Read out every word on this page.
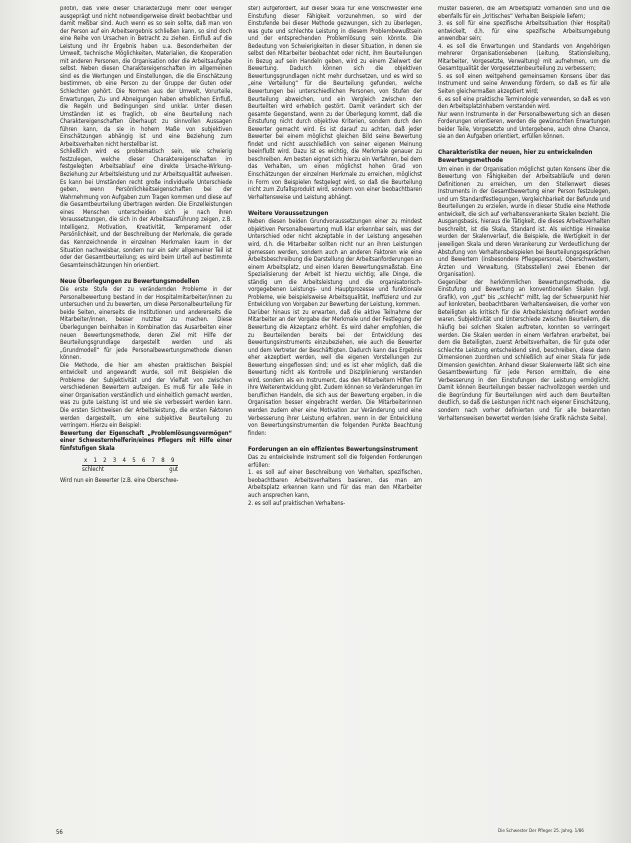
pilotin, daß viele dieser Charakterzüge mehr oder weniger ausgeprägt und nicht notwendigerweise direkt beobachtbar und damit meßbar sind. Auch wenn es so sein sollte, daß man von der Person auf ein Arbeitsergebnis schließen kann, so sind doch eine Reihe von Ursachen in Betracht zu ziehen. Einfluß auf die Leistung und ihr Ergebnis haben u.a. Besonderheiten der Umwelt, technische Möglichkeiten, Materialien, die Kooperation mit anderen Personen, die Organisation oder die Arbeitsaufgabe selbst. Neben diesen Charaktereigenschaften im allgemeinen sind es die Wertungen und Einstellungen, die die Einschätzung bestimmen, ob eine Person zu der Gruppe der Guten oder Schlechten gehört. Die Normen aus der Umwelt, Vorurteile, Erwartungen, Zu- und Abneigungen haben erheblichen Einfluß, die Regeln und Bedingungen sind unklar. Unter diesen Umständen ist es fraglich, ob eine Beurteilung nach Charaktereigenschaften überhaupt zu sinnvollen Aussagen führen kann, da sie in hohem Maße von subjektiven Einschätzungen abhängig ist und eine Beziehung zum Arbeitsverhalten nicht herstellbar ist.

Schließlich wird es problematisch sein, wie schwierig festzulegen, welche dieser Charaktereigenschaften im festgelegten Arbeitsablauf eine direkte Ursache-Wirkung-Beziehung zur Arbeitsleistung und zur Arbeitsqualität aufweisen. Es kann bei Umständen recht große individuelle Unterschiede geben, wenn Persönlichkeitseigenschaften bei der Wahrnehmung von Aufgaben zum Tragen kommen und diese auf die Gesamtbeurteilung übertragen werden. Die Einzelleistungen eines Menschen unterscheiden sich je nach ihren Voraussetzungen, die sich in der Arbeitsausführung zeigen, z.B. Intelligenz, Motivation, Kreativität, Temperament oder Persönlichkeit, und der Beschreibung der Merkmale, die gerade das Kennzeichnende in einzelnen Merkmalen kaum in der Situation nachweisbar, sondern nur ein sehr allgemeiner Teil ist oder der Gesamtbeurteilung; es wird beim Urteil auf bestimmte Gesamteinschätzungen hin orientiert.

Neue Überlegungen zu Bewertungsmodellen

Die erste Stufe der zu verändernden Probleme in der Personalbewertung bestand in der Hospitalmitarbeiter/innen zu untersuchen und zu bewerten, um diese Personalbeurteilung für beide Seiten, einerseits die Institutionen und andererseits die Mitarbeiter/innen, besser nutzbar zu machen. Diese Überlegungen beinhalten in Kombination das Ausarbeiten einer neuen Bewertungsmethode, deren Ziel mit Hilfe der Beurteilungsgrundlage dargestellt werden und als „Grundmodell“ für jede Personalbewertungsmethode dienen können.

Die Methode, die hier am ehesten praktischen Beispiel entwickelt und angewandt wurde, soll mit Beispielen die Probleme der Subjektivität und der Vielfalt von zwischen verschiedenen Bewertern aufzeigen. Es muß für alle Teile in einer Organisation verständlich und einheitlich gemacht werden, was zu gute Leistung ist und wie sie verbessert werden kann. Die ersten Sichtweisen der Arbeitsleistung, die ersten Faktoren werden dargestellt, um eine subjektive Beurteilung zu verringern. Hierzu ein Beispiel:

Bewertung der Eigenschaft „Problemlösungsvermögen“ einer Schwesternhelferin/eines Pflegers mit Hilfe einer fünfstufigen Skala

x 1 2 3 4 5 6 7 8 9
schlecht	gut

Wird nun ein Bewerter (z.B. eine Oberschwe-

ster) aufgefordert, auf dieser Skala für eine Vollschwester eine Einstufung dieser Fähigkeit vorzunehmen, so wird der Einstufende bei dieser Methode gezwungen, sich zu überlegen, was gute und schlechte Leistung in diesem Problembewußtsein und der entsprechenden Problemlösung sein könnte. Die Bedeutung von Schwierigkeiten in dieser Situation, in denen sie selbst den Mitarbeiter beobachtet oder nicht, ihm Beurteilungen in Bezug auf sein Handeln geben, wird zu einem Zielwert der Bewertung. Dadurch können sich die objektiven Bewertungsgrundlagen nicht mehr durchsetzen, und es wird so „eine Verteilung“ für die Beurteilung gefunden, welche Bewertungen bei unterschiedlichen Personen, von Stufen der Beurteilung abweichen, und ein Vergleich zwischen den Beurteilten wird erheblich gestört. Damit verändert sich der gesamte Gegenstand, wenn zu der Überlegung kommt, daß die Einstufung nicht durch objektive Kriterien, sondern durch den Bewerter gemacht wird. Es ist darauf zu achten, daß jeder Bewerter bei einem möglichst gleichen Bild seine Bewertung findet und nicht ausschließlich von seiner eigenen Meinung beeinflußt wird. Dazu ist es wichtig, die Merkmale genauer zu beschreiben. Am besten eignet sich hierzu ein Verfahren, bei dem das Verhalten, um einen möglichst hohen Grad von Einschätzungen der einzelnen Merkmale zu erreichen, möglichst in Form von Beispielen festgelegt wird, so daß die Beurteilung nicht zum Zufallsprodukt wird, sondern von einer beobachtbaren Verhaltensweise und Leistung abhängt.

Weitere Voraussetzungen

Neben diesen beiden Grundvoraussetzungen einer zu mindest objektiven Personalbewertung muß klar erkennbar sein, was der Unterschied oder nicht akzeptable in der Leistung angesehen wird, d.h. die Mitarbeiter sollten nicht nur an ihren Leistungen gemessen werden, sondern auch an anderen Faktoren wie eine Arbeitsbeschreibung die Darstellung der Arbeitsanforderungen an einem Arbeitsplatz, und einen klaren Bewertungsmaßstab. Eine Spezialisierung der Arbeit ist hierzu wichtig; alle Dinge, die ständig um die Arbeitsleistung und die organisatorisch-vorgegebenen Leistungs- und Hauptprozesse und funktionale Probleme, wie beispielsweise Arbeitsqualität, Ineffizienz und zur Entwicklung von Vorgaben zur Bewertung der Leistung, kommen.

Darüber hinaus ist zu erwarten, daß die aktive Teilnahme der Mitarbeiter an der Vorgabe der Merkmale und der Festlegung der Bewertung die Akzeptanz erhöht. Es wird daher empfohlen, die zu Beurteilenden bereits bei der Entwicklung des Bewertungsinstruments einzubeziehen, wie auch die Bewerter und dem Vertreter der Beschäftigten. Dadurch kann das Ergebnis eher akzeptiert werden, weil die eigenen Vorstellungen zur Bewertung eingeflossen sind; und es ist eher möglich, daß die Bewertung nicht als Kontrolle und Disziplinierung verstanden wird, sondern als ein Instrument, das den Mitarbeitern Hilfen für ihre Weiterentwicklung gibt. Zudem können so Veränderungen im beruflichen Handeln, die sich aus der Bewertung ergeben, in die Organisation besser eingebracht werden. Die Mitarbeiterinnen werden zudem eher eine Motivation zur Veränderung und eine Verbesserung ihrer Leistung erfahren, wenn in der Entwicklung von Bewertungsinstrumenten die folgenden Punkte Beachtung finden:

Forderungen an ein effizientes Bewertungsinstrument

Das zu entwickelnde Instrument soll die folgenden Forderungen erfüllen:

1. es soll auf einer Beschreibung von Verhalten, spezifischen, beobachtbaren Arbeitsverhaltens basieren, das man am Arbeitsplatz erkennen kann und für das man den Mitarbeiter auch ansprechen kann,

2. es soll auf praktischen Verhaltens-

muster basieren, die am Arbeitsplatz vorhanden sind und die ebenfalls für ein „kritisches“ Verhalten Beispiele liefern;

3. es soll für eine spezifische Arbeitssituation (hier Hospital) entwickelt, d.h. für eine spezifische Arbeitsumgebung anwendbar sein;

4. es soll die Erwartungen und Standards von Angehörigen mehrerer Organisationsebenen (Leitung, Stationsleitung, Mitarbeiter, Vorgesetzte, Verwaltung) mit aufnehmen, um die Gesamtqualität der Vorgesetztenbeurteilung zu verbessern;

5. es soll einen weitgehend gemeinsamen Konsens über das Instrument und seine Anwendung fördern, so daß es für alle Seiten gleichermaßen akzeptiert wird;

6. es soll eine praktische Terminologie verwenden, so daß es von den Arbeitsplatzinhabern verstanden wird.

Nur wenn Instrumente in der Personalbewertung sich an diesen Forderungen orientieren, werden die gewünschten Erwartungen beider Teile, Vorgesetzte und Untergebene, auch ohne Chance, sie an den Aufgaben orientiert, erfüllen können.

Charakteristika der neuen, hier zu entwickelnden Bewertungsmethode

Um einen in der Organisation möglichst guten Konsens über die Bewertung von Fähigkeiten der Arbeitsabläufe und deren Definitionen zu erreichen, um den Stellenwert dieses Instruments in der Gesamtbewertung einer Person festzulegen, und um Standardfestlegungen, Vergleichbarkeit der Befunde und Beurteilungen zu erzielen, wurde in dieser Studie eine Methode entwickelt, die sich auf verhaltensverankerte Skalen bezieht. Die Ausgangsbasis, hieraus die Tätigkeit, die dieses Arbeitsverhalten beschreibt, ist die Skala, Standard ist. Als wichtige Hinweise wurden der Skalenverlauf, die Beispiele, die Wertigkeit in der jeweiligen Skala und deren Verankerung zur Verdeutlichung der Abstufung von Verhaltensbeispielen bei Beurteilungsgesprächen und Bewertern (insbesondere Pflegepersonal, Oberschwestern, Ärzten und Verwaltung, (Stabsstellen) zwei Ebenen der Organisation).

Gegenüber der herkömmlichen Bewertungsmethode, die Einstufung und Bewertung an konventionellen Skalen (vgl. Grafik), von „gut“ bis „schlecht“ mißt, lag der Schwerpunkt hier auf konkreten, beobachtbaren Verhaltensweisen, die vorher von Beteiligten als kritisch für die Arbeitsleistung definiert worden waren. Subjektivität und Unterschiede zwischen Beurteilern, die häufig bei solchen Skalen auftreten, konnten so verringert werden. Die Skalen werden in einem Verfahren erarbeitet, bei dem die Beteiligten, zuerst Arbeitsverhalten, die für gute oder schlechte Leistung entscheidend sind, beschreiben, diese dann Dimensionen zuordnen und schließlich auf einer Skala für jede Dimension gewichten. Anhand dieser Skalenwerte läßt sich eine Gesamtbewertung für jede Person ermitteln, die eine Verbesserung in den Einstufungen der Leistung ermöglicht. Damit können Beurteilungen besser nachvollzogen werden und die Begründung für Beurteilungen wird auch dem Beurteilten deutlich, so daß die Leistungen nicht nach eigener Einschätzung, sondern nach vorher definierten und für alle bekannten Verhaltensweisen bewertet werden (siehe Grafik nächste Seite).

56	Die Schwester Der Pfleger 25. Jahrg. 1/86
